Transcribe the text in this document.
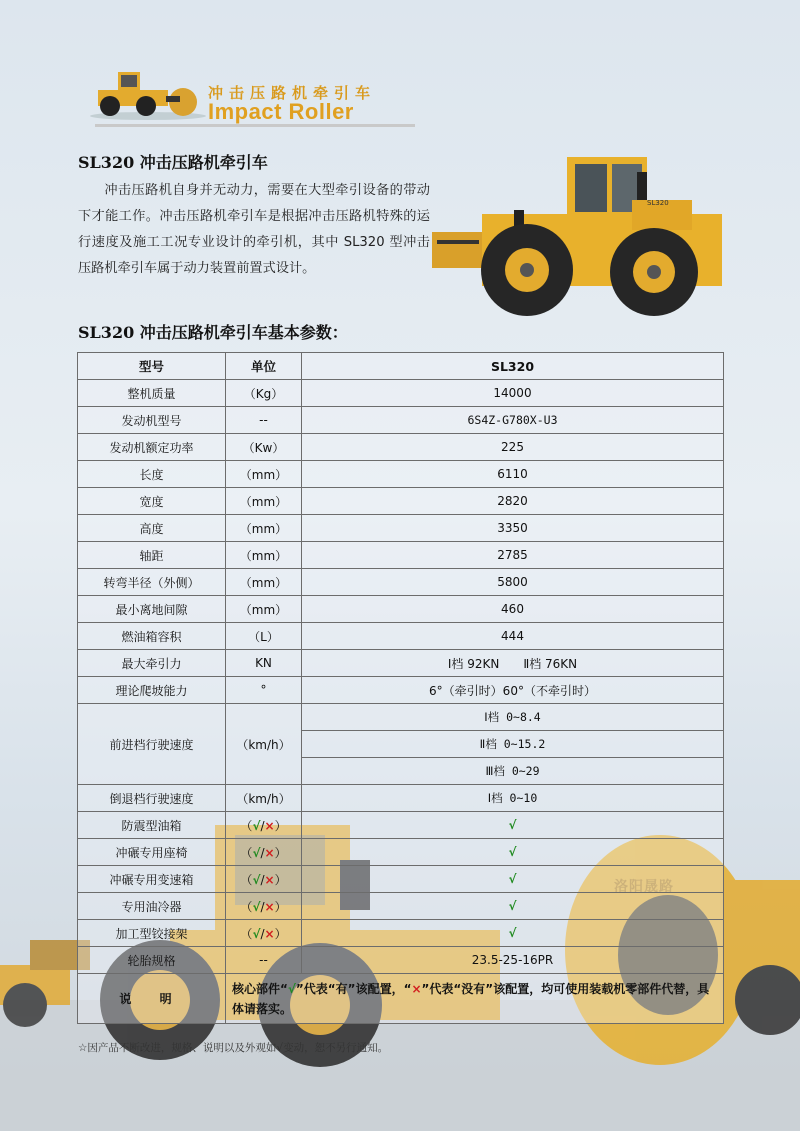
洛阳晟路
冲击压路机牵引车
Impact Roller
SL320 冲击压路机牵引车
冲击压路机自身并无动力，需要在大型牵引设备的带动下才能工作。冲击压路机牵引车是根据冲击压路机特殊的运行速度及施工工况专业设计的牵引机，其中 SL320 型冲击压路机牵引车属于动力装置前置式设计。
SL320
SL320 冲击压路机牵引车基本参数：
型号	单位	SL320
整机质量	（Kg）	14000
发动机型号	--	6S4Z-G780X-U3
发动机额定功率	（Kw）	225
长度	（mm）	6110
宽度	（mm）	2820
高度	（mm）	3350
轴距	（mm）	2785
转弯半径（外侧）	（mm）	5800
最小离地间隙	（mm）	460
燃油箱容积	（L）	444
最大牵引力	KN	Ⅰ档 92KN　　Ⅱ档 76KN
理论爬坡能力	°	6°（牵引时）60°（不牵引时）
前进档行驶速度	（km/h）	Ⅰ档 0~8.4
		Ⅱ档 0~15.2
		Ⅲ档 0~29
倒退档行驶速度	（km/h）	Ⅰ档 0~10
防震型油箱	（√/×）	√
冲碾专用座椅	（√/×）	√
冲碾专用变速箱	（√/×）	√
专用油冷器	（√/×）	√
加工型铰接架	（√/×）	√
轮胎规格	--	23.5-25-16PR
说 明	核心部件“√”代表“有”该配置，“×”代表“没有”该配置，均可使用装载机零部件代替，具体请落实。	
☆因产品不断改进，规格、说明以及外观如√变动，恕不另行通知。
